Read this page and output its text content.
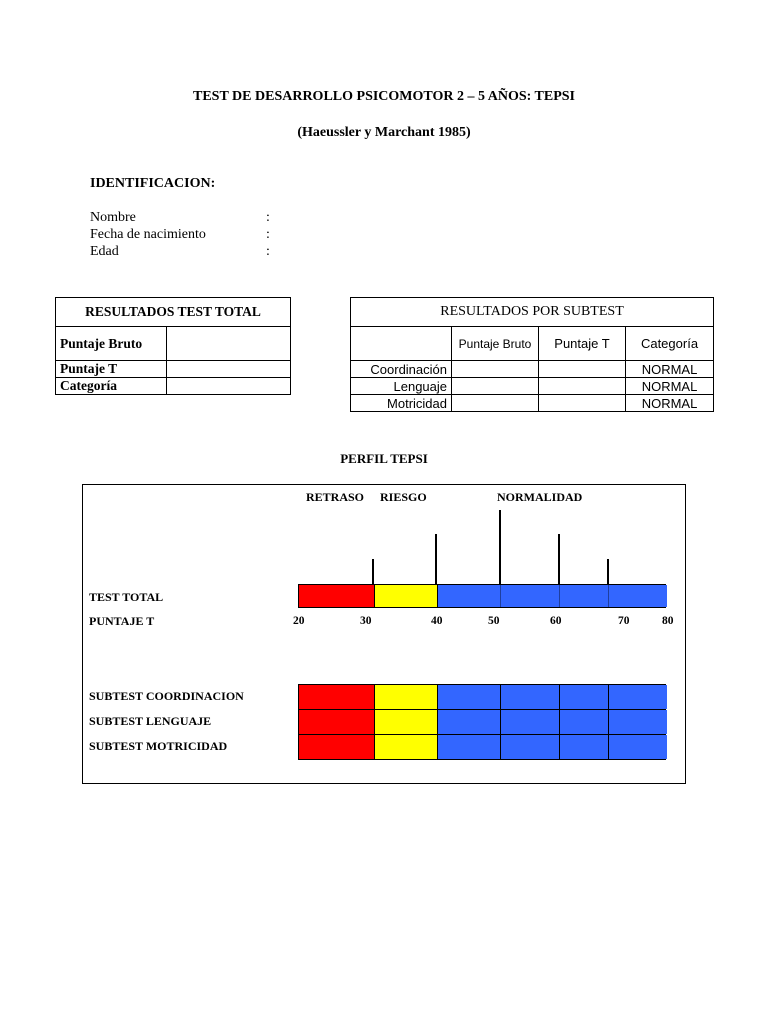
TEST DE DESARROLLO PSICOMOTOR 2 – 5 AÑOS: TEPSI
(Haeussler y Marchant 1985)
IDENTIFICACION:
Nombre	:
Fecha de nacimiento	:
Edad	:
RESULTADOS TEST TOTAL	
Puntaje Bruto	
Puntaje T	
Categoría	
RESULTADOS POR SUBTEST			
	Puntaje Bruto	Puntaje T	Categoría
Coordinación			NORMAL
Lenguaje			NORMAL
Motricidad			NORMAL
PERFIL TEPSI
RETRASO RIESGO	NORMALIDAD
TEST TOTAL
PUNTAJE T
SUBTEST COORDINACION
SUBTEST LENGUAJE
SUBTEST MOTRICIDAD
20	30	40	50	60	70	80
